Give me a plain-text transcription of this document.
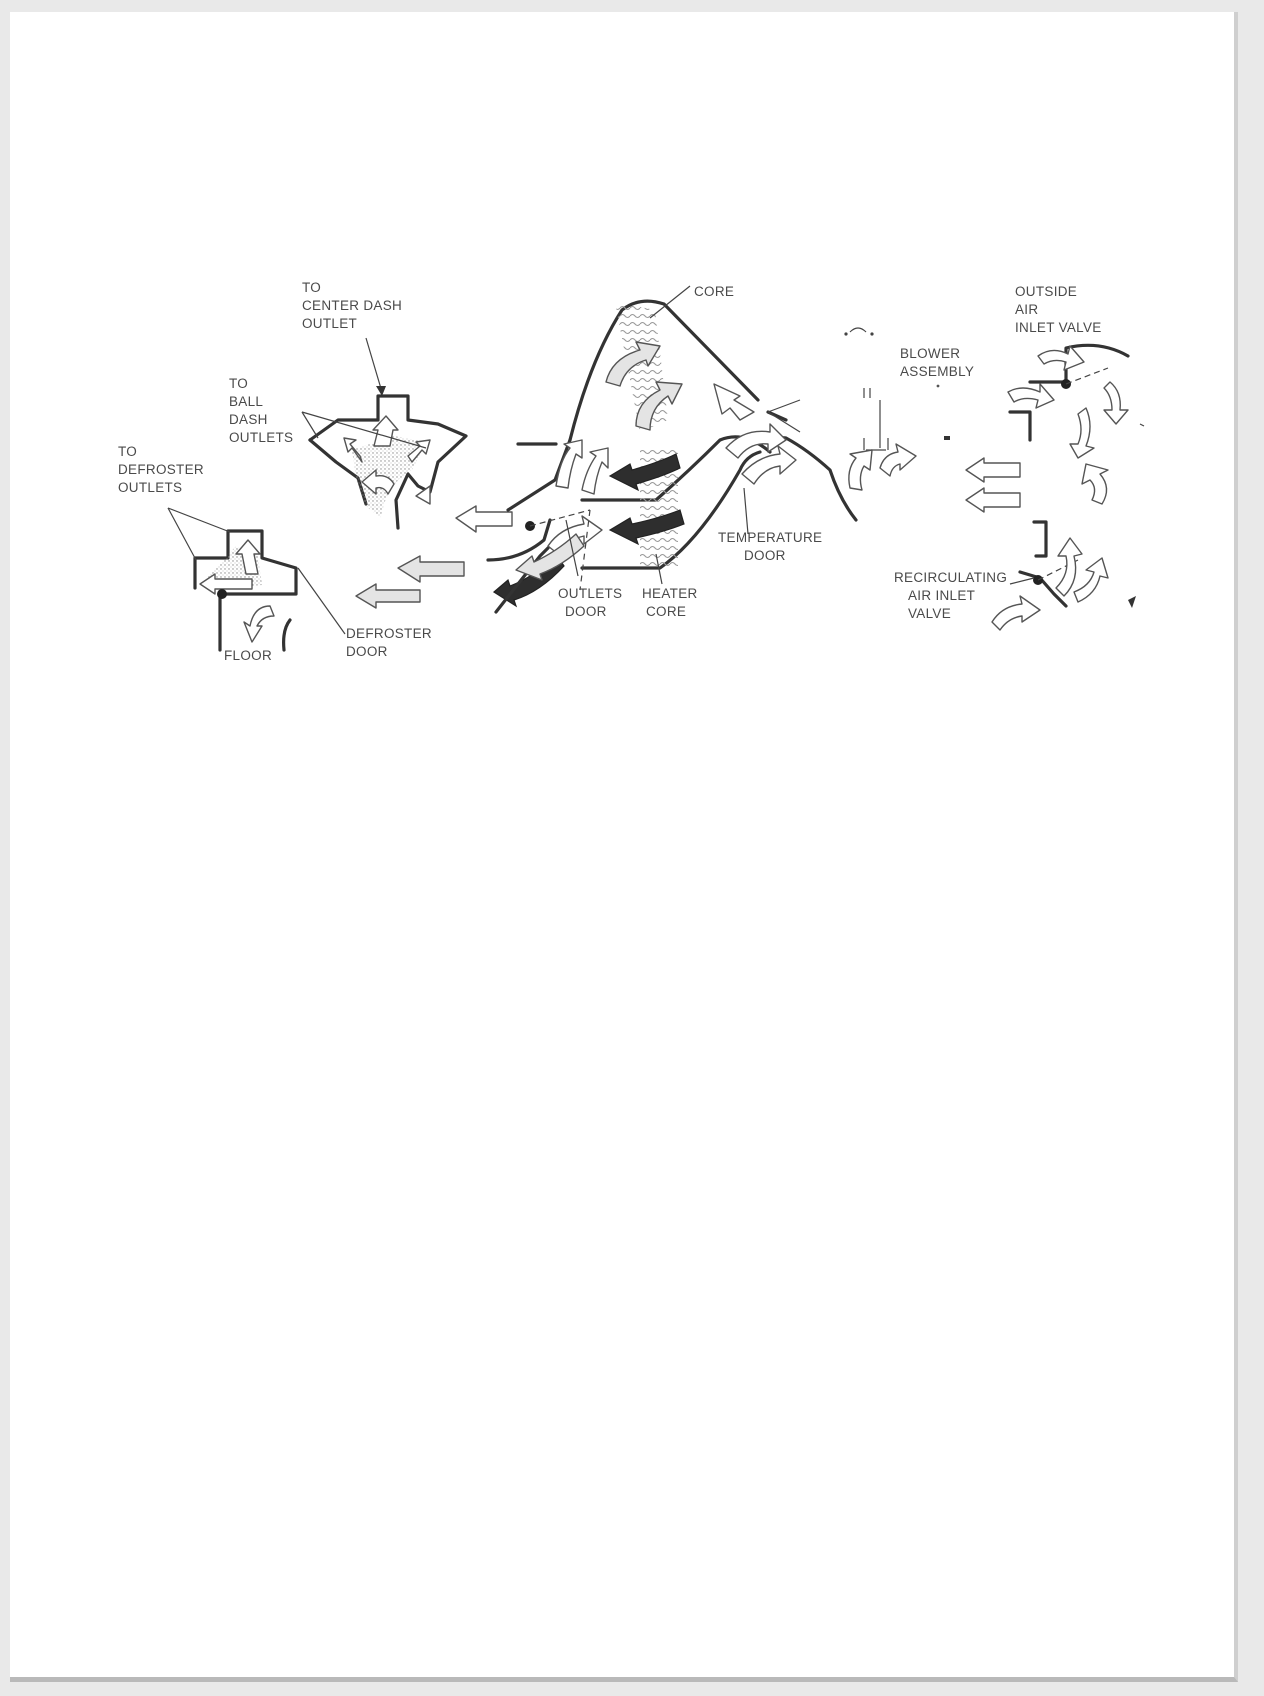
TO
CENTER DASH
OUTLET
TO
BALL
DASH
OUTLETS
TO
DEFROSTER
OUTLETS
FLOOR
DEFROSTER
DOOR
CORE
OUTLETS
DOOR
HEATER
CORE
TEMPERATURE
DOOR
BLOWER
ASSEMBLY
OUTSIDE
AIR
INLET VALVE
RECIRCULATING
AIR INLET
VALVE
